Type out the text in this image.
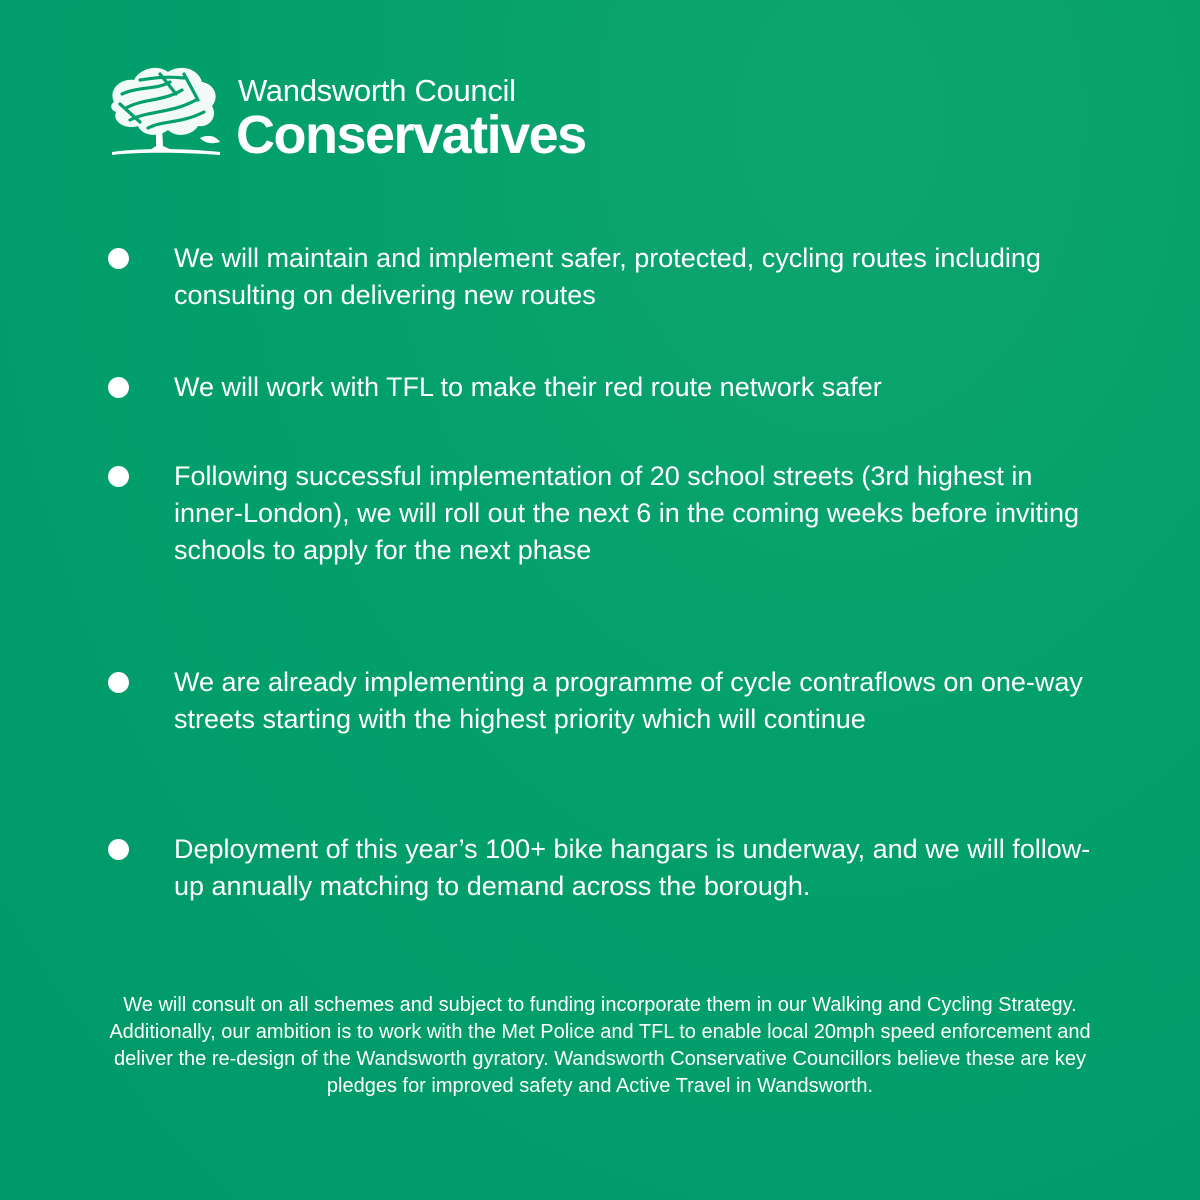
Wandsworth Council
Conservatives
We will maintain and implement safer, protected, cycling routes including consulting on delivering new routes
We will work with TFL to make their red route network safer
Following successful implementation of 20 school streets (3rd highest in inner-London), we will roll out the next 6 in the coming weeks before inviting schools to apply for the next phase
We are already implementing a programme of cycle contraflows on one-way streets starting with the highest priority which will continue
Deployment of this year’s 100+ bike hangars is underway, and we will follow-up annually matching to demand across the borough.
We will consult on all schemes and subject to funding incorporate them in our Walking and Cycling Strategy. Additionally, our ambition is to work with the Met Police and TFL to enable local 20mph speed enforcement and deliver the re-design of the Wandsworth gyratory. Wandsworth Conservative Councillors believe these are key pledges for improved safety and Active Travel in Wandsworth.
